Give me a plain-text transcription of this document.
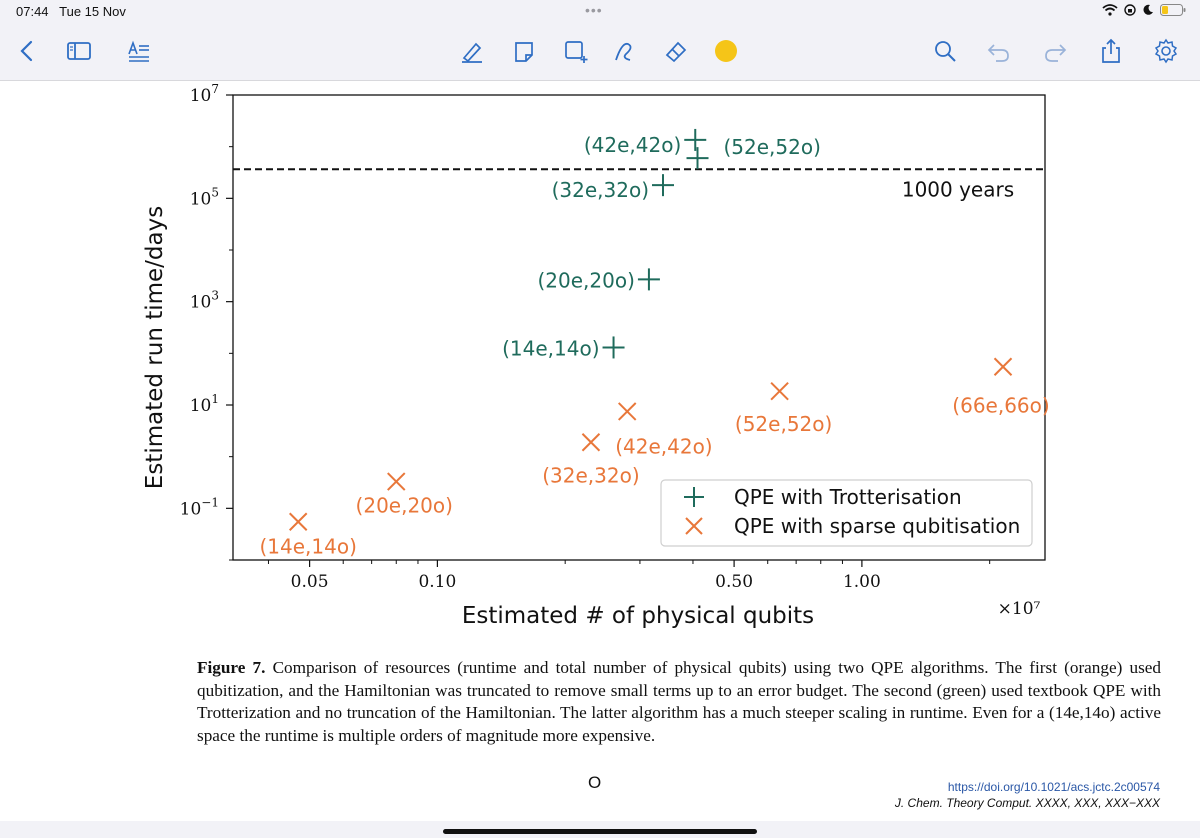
07:44 Tue 15 Nov	•••
$10^{-1}$
$10^1$
$10^3$
$10^5$
$10^7$
0.05	0.10	0.50	1.00
1000 years
(14e,14o)
(20e,20o)
(32e,32o)
(42e,42o) (52e,52o)
(14e,14o)
(20e,20o)
(32e,32o)
(42e,42o)
(52e,52o)
(66e,66o)
QPE with Trotterisation
QPE with sparse qubitisation
Estimated run time/days
Estimated # of physical qubits	×10⁷
Figure 7. Comparison of resources (runtime and total number of physical qubits) using two QPE algorithms. The first (orange) used qubitization, and the Hamiltonian was truncated to remove small terms up to an error budget. The second (green) used textbook QPE with Trotterization and no truncation of the Hamiltonian. The latter algorithm has a much steeper scaling in runtime. Even for a (14e,14o) active space the runtime is multiple orders of magnitude more expensive.
O	https://doi.org/10.1021/acs.jctc.2c00574
J. Chem. Theory Comput. XXXX, XXX, XXX−XXX
